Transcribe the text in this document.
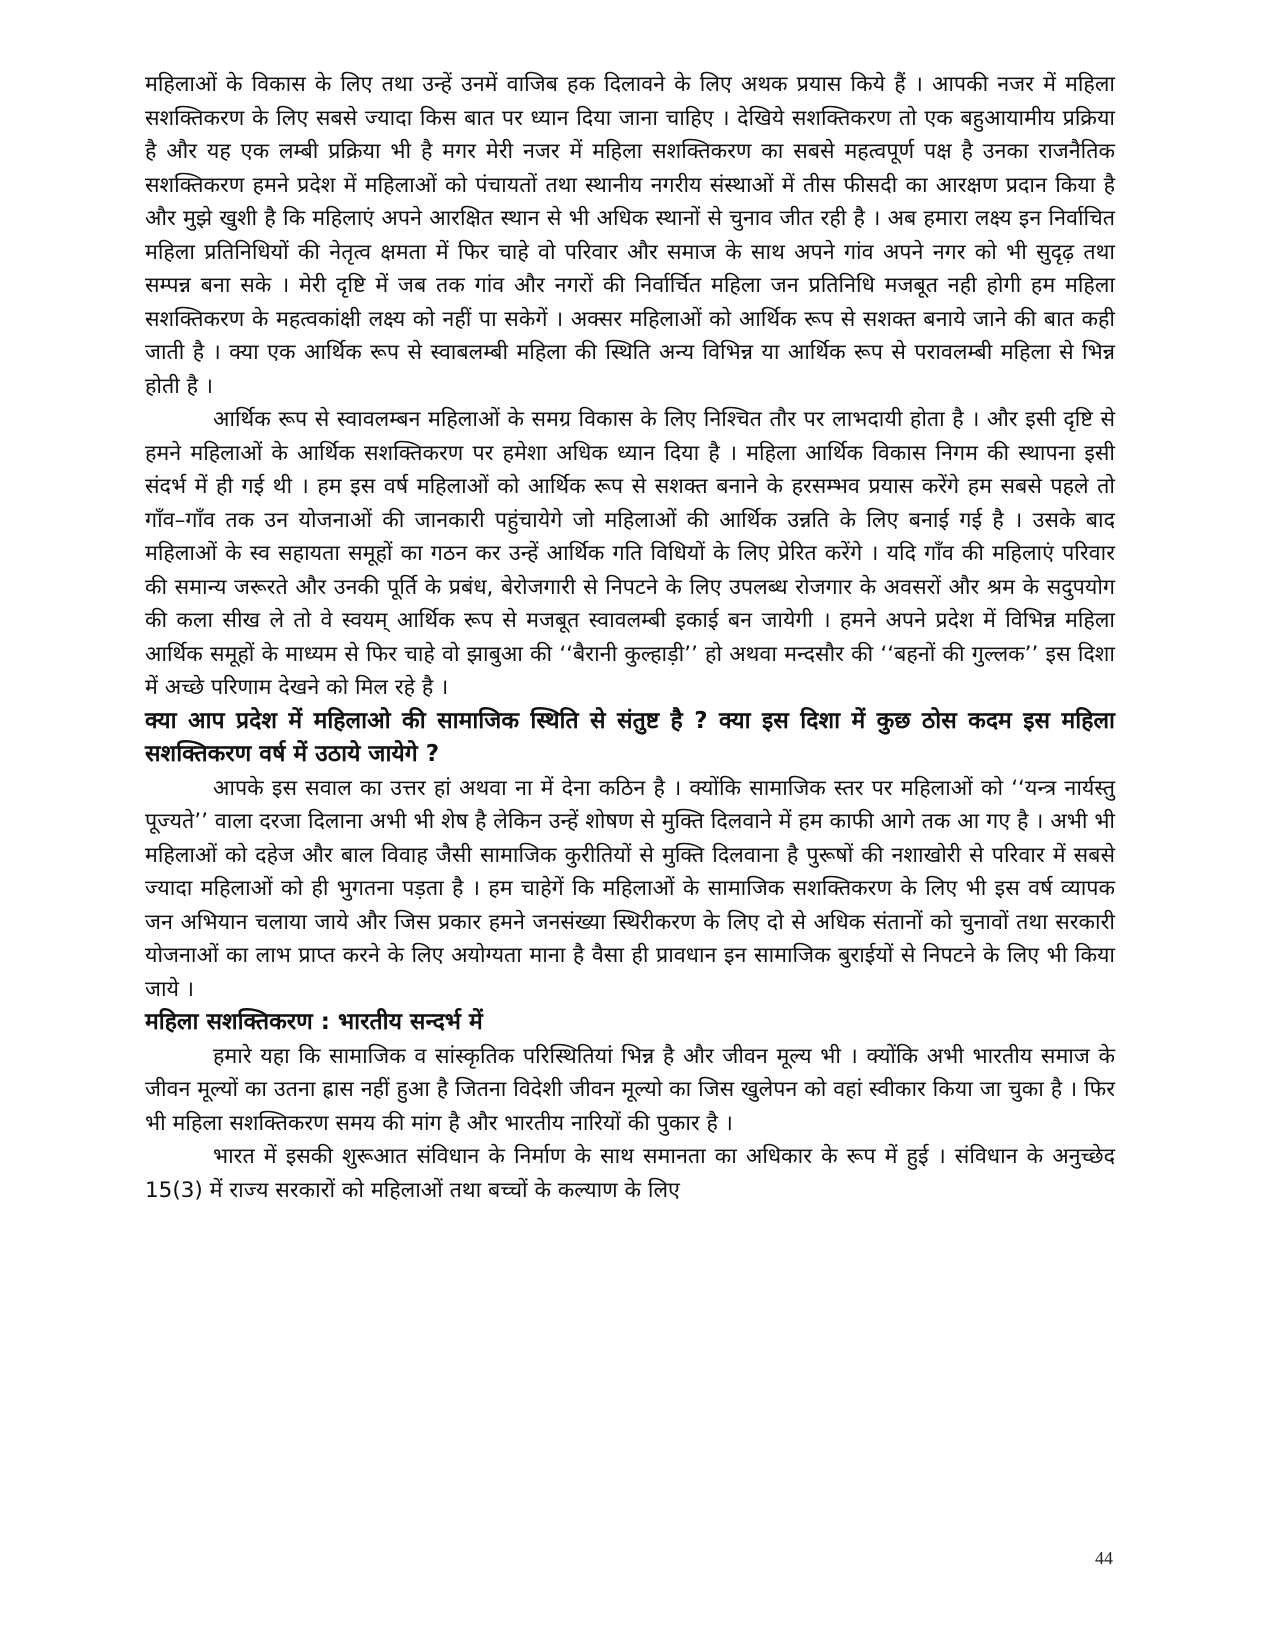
महिलाओं के विकास के लिए तथा उन्हें उनमें वाजिब हक दिलावने के लिए अथक प्रयास किये हैं । आपकी नजर में महिला सशक्तिकरण के लिए सबसे ज्यादा किस बात पर ध्यान दिया जाना चाहिए । देखिये सशक्तिकरण तो एक बहुआयामीय प्रक्रिया है और यह एक लम्बी प्रक्रिया भी है मगर मेरी नजर में महिला सशक्तिकरण का सबसे महत्वपूर्ण पक्ष है उनका राजनैतिक सशक्तिकरण हमने प्रदेश में महिलाओं को पंचायतों तथा स्थानीय नगरीय संस्थाओं में तीस फीसदी का आरक्षण प्रदान किया है और मुझे खुशी है कि महिलाएं अपने आरक्षित स्थान से भी अधिक स्थानों से चुनाव जीत रही है । अब हमारा लक्ष्य इन निर्वाचित महिला प्रतिनिधियों की नेतृत्व क्षमता में फिर चाहे वो परिवार और समाज के साथ अपने गांव अपने नगर को भी सुदृढ़ तथा सम्पन्न बना सके । मेरी दृष्टि में जब तक गांव और नगरों की निर्वार्चित महिला जन प्रतिनिधि मजबूत नही होगी हम महिला सशक्तिकरण के महत्वकांक्षी लक्ष्य को नहीं पा सकेगें । अक्सर महिलाओं को आर्थिक रूप से सशक्त बनाये जाने की बात कही जाती है । क्या एक आर्थिक रूप से स्वाबलम्बी महिला की स्थिति अन्य विभिन्न या आर्थिक रूप से परावलम्बी महिला से भिन्न होती है ।

आर्थिक रूप से स्वावलम्बन महिलाओं के समग्र विकास के लिए निश्चित तौर पर लाभदायी होता है । और इसी दृष्टि से हमने महिलाओं के आर्थिक सशक्तिकरण पर हमेशा अधिक ध्यान दिया है । महिला आर्थिक विकास निगम की स्थापना इसी संदर्भ में ही गई थी । हम इस वर्ष महिलाओं को आर्थिक रूप से सशक्त बनाने के हरसम्भव प्रयास करेंगे हम सबसे पहले तो गाँव–गाँव तक उन योजनाओं की जानकारी पहुंचायेगे जो महिलाओं की आर्थिक उन्नति के लिए बनाई गई है । उसके बाद महिलाओं के स्व सहायता समूहों का गठन कर उन्हें आर्थिक गति विधियों के लिए प्रेरित करेंगे । यदि गाँव की महिलाएं परिवार की समान्य जरूरते और उनकी पूर्ति के प्रबंध, बेरोजगारी से निपटने के लिए उपलब्ध रोजगार के अवसरों और श्रम के सदुपयोग की कला सीख ले तो वे स्वयम् आर्थिक रूप से मजबूत स्वावलम्बी इकाई बन जायेगी । हमने अपने प्रदेश में विभिन्न महिला आर्थिक समूहों के माध्यम से फिर चाहे वो झाबुआ की ‘‘बैरानी कुल्हाड़ी’’ हो अथवा मन्दसौर की ‘‘बहनों की गुल्लक’’ इस दिशा में अच्छे परिणाम देखने को मिल रहे है ।

क्या आप प्रदेश में महिलाओ की सामाजिक स्थिति से संतुष्ट है ? क्या इस दिशा में कुछ ठोस कदम इस महिला सशक्तिकरण वर्ष में उठाये जायेगे ?

आपके इस सवाल का उत्तर हां अथवा ना में देना कठिन है । क्योंकि सामाजिक स्तर पर महिलाओं को ‘‘यन्त्र नार्यस्तु पूज्यते’’ वाला दरजा दिलाना अभी भी शेष है लेकिन उन्हें शोषण से मुक्ति दिलवाने में हम काफी आगे तक आ गए है । अभी भी महिलाओं को दहेज और बाल विवाह जैसी सामाजिक कुरीतियों से मुक्ति दिलवाना है पुरूषों की नशाखोरी से परिवार में सबसे ज्यादा महिलाओं को ही भुगतना पड़ता है । हम चाहेगें कि महिलाओं के सामाजिक सशक्तिकरण के लिए भी इस वर्ष व्यापक जन अभियान चलाया जाये और जिस प्रकार हमने जनसंख्या स्थिरीकरण के लिए दो से अधिक संतानों को चुनावों तथा सरकारी योजनाओं का लाभ प्राप्त करने के लिए अयोग्यता माना है वैसा ही प्रावधान इन सामाजिक बुराईयों से निपटने के लिए भी किया जाये ।

महिला सशक्तिकरण : भारतीय सन्दर्भ में

हमारे यहा कि सामाजिक व सांस्कृतिक परिस्थितियां भिन्न है और जीवन मूल्य भी । क्योंकि अभी भारतीय समाज के जीवन मूल्यों का उतना ह्रास नहीं हुआ है जितना विदेशी जीवन मूल्यो का जिस खुलेपन को वहां स्वीकार किया जा चुका है । फिर भी महिला सशक्तिकरण समय की मांग है और भारतीय नारियों की पुकार है ।

भारत में इसकी शुरूआत संविधान के निर्माण के साथ समानता का अधिकार के रूप में हुई । संविधान के अनुच्छेद 15(3) में राज्य सरकारों को महिलाओं तथा बच्चों के कल्याण के लिए

44
